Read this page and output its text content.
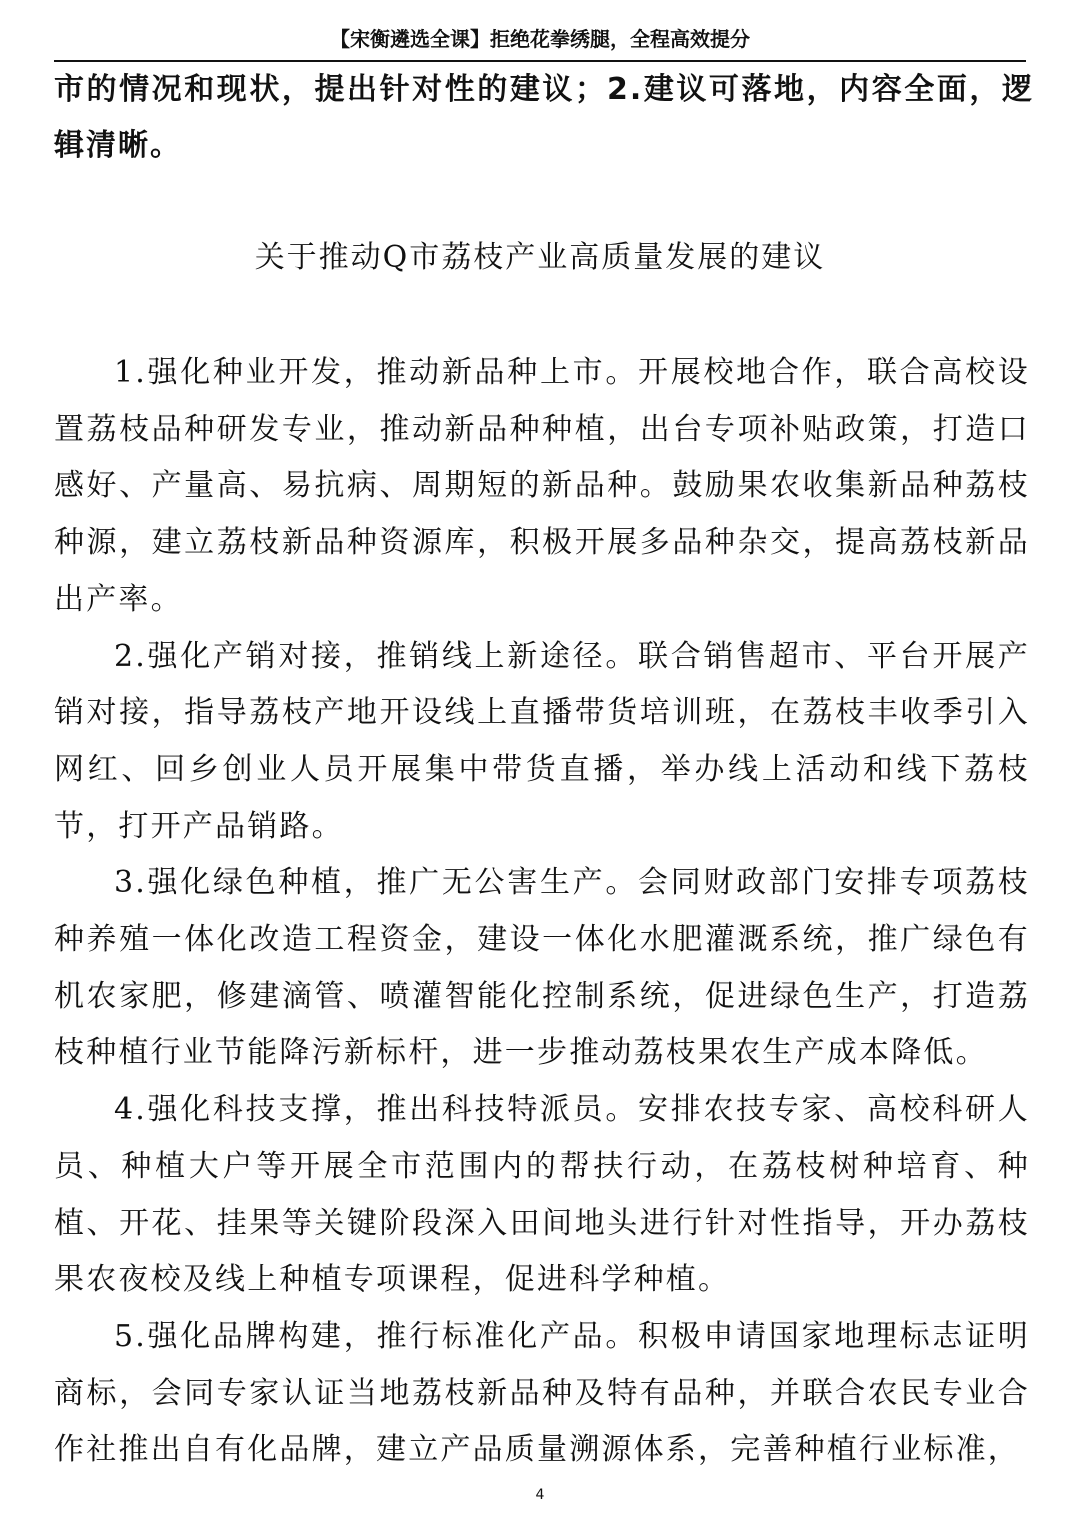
【宋衡遴选全课】拒绝花拳绣腿，全程高效提分
市的情况和现状，提出针对性的建议；2.建议可落地，内容全面，逻辑清晰。
关于推动Q市荔枝产业高质量发展的建议

1.强化种业开发，推动新品种上市。开展校地合作，联合高校设置荔枝品种研发专业，推动新品种种植，出台专项补贴政策，打造口感好、产量高、易抗病、周期短的新品种。鼓励果农收集新品种荔枝种源，建立荔枝新品种资源库，积极开展多品种杂交，提高荔枝新品出产率。

2.强化产销对接，推销线上新途径。联合销售超市、平台开展产销对接，指导荔枝产地开设线上直播带货培训班，在荔枝丰收季引入网红、回乡创业人员开展集中带货直播，举办线上活动和线下荔枝节，打开产品销路。

3.强化绿色种植，推广无公害生产。会同财政部门安排专项荔枝种养殖一体化改造工程资金，建设一体化水肥灌溉系统，推广绿色有机农家肥，修建滴管、喷灌智能化控制系统，促进绿色生产，打造荔枝种植行业节能降污新标杆，进一步推动荔枝果农生产成本降低。

4.强化科技支撑，推出科技特派员。安排农技专家、高校科研人员、种植大户等开展全市范围内的帮扶行动，在荔枝树种培育、种植、开花、挂果等关键阶段深入田间地头进行针对性指导，开办荔枝果农夜校及线上种植专项课程，促进科学种植。

5.强化品牌构建，推行标准化产品。积极申请国家地理标志证明商标，会同专家认证当地荔枝新品种及特有品种，并联合农民专业合作社推出自有化品牌，建立产品质量溯源体系，完善种植行业标准，

4
